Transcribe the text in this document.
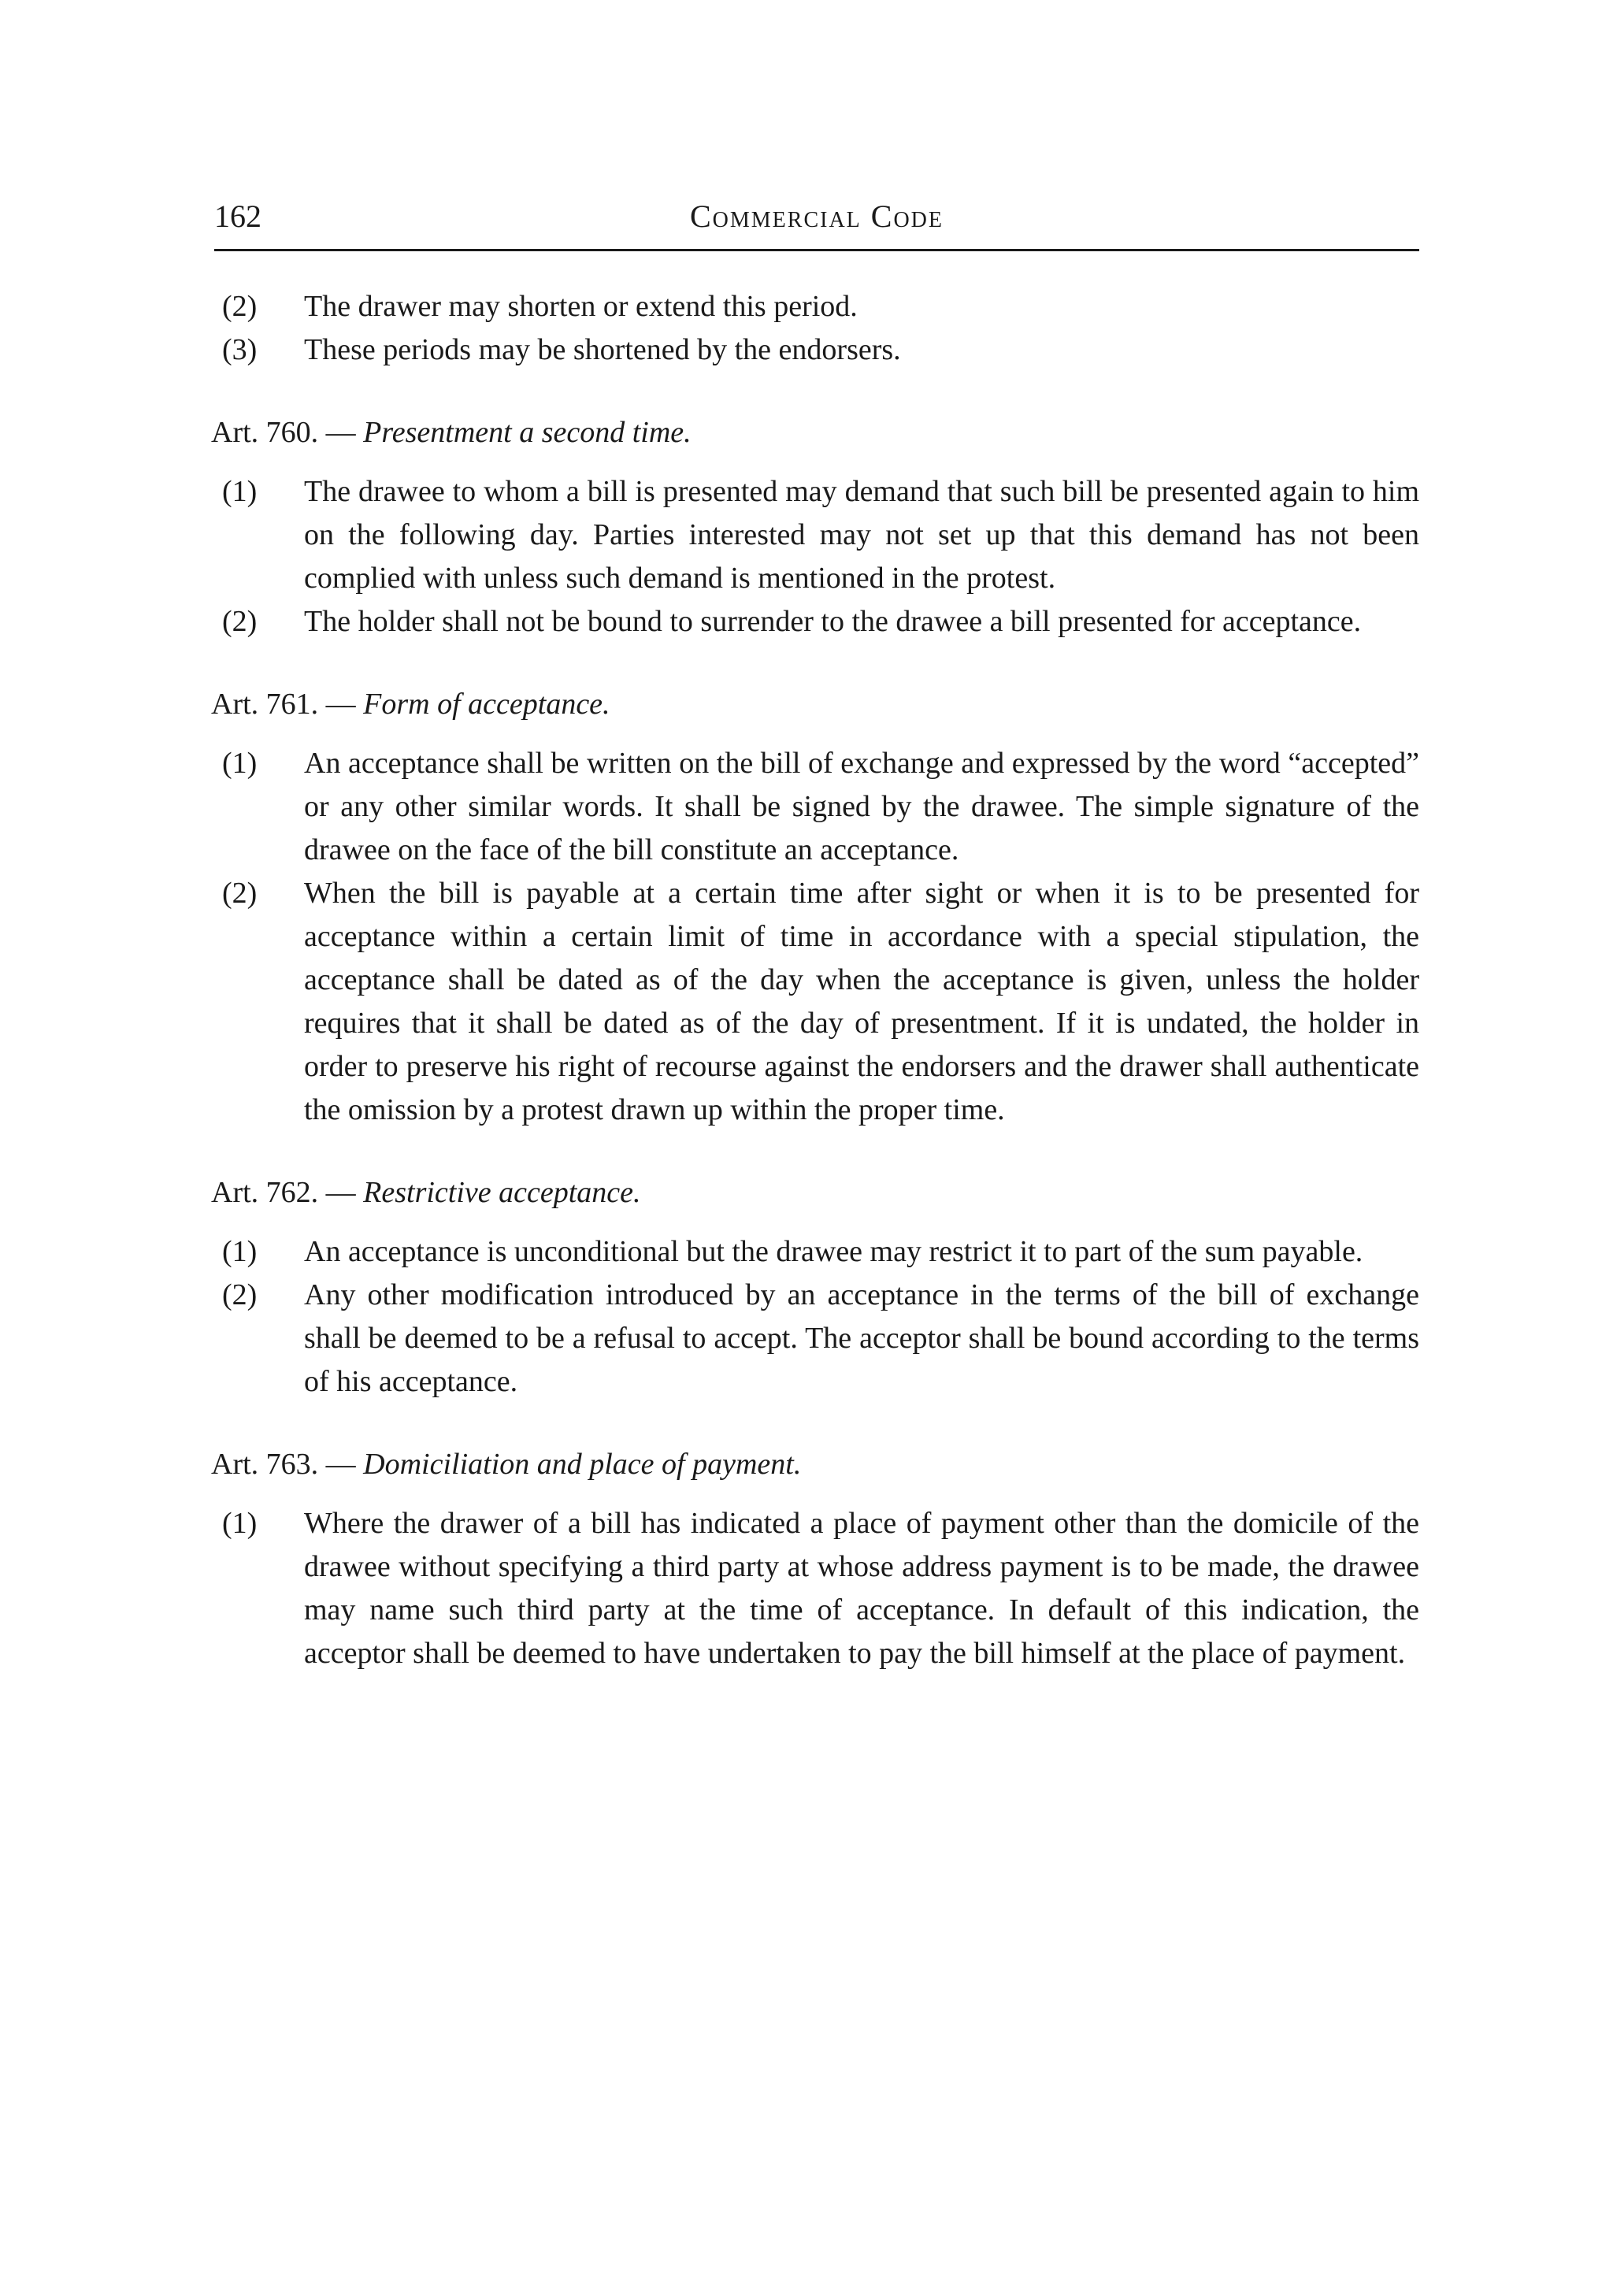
162	Commercial Code
(2)	The drawer may shorten or extend this period.
(3)	These periods may be shortened by the endorsers.
Art. 760. — Presentment a second time.
(1)	The drawee to whom a bill is presented may demand that such bill be presented again to him on the following day. Parties interested may not set up that this demand has not been complied with unless such demand is mentioned in the protest.
(2)	The holder shall not be bound to surrender to the drawee a bill presented for acceptance.
Art. 761. — Form of acceptance.
(1)	An acceptance shall be written on the bill of exchange and expressed by the word “accepted” or any other similar words. It shall be signed by the drawee. The simple signature of the drawee on the face of the bill constitute an acceptance.
(2)	When the bill is payable at a certain time after sight or when it is to be presented for acceptance within a certain limit of time in accordance with a special stipulation, the acceptance shall be dated as of the day when the acceptance is given, unless the holder requires that it shall be dated as of the day of presentment. If it is undated, the holder in order to preserve his right of recourse against the endorsers and the drawer shall authenticate the omission by a protest drawn up within the proper time.
Art. 762. — Restrictive acceptance.
(1)	An acceptance is unconditional but the drawee may restrict it to part of the sum payable.
(2)	Any other modification introduced by an acceptance in the terms of the bill of exchange shall be deemed to be a refusal to accept. The acceptor shall be bound according to the terms of his acceptance.
Art. 763. — Domiciliation and place of payment.
(1)	Where the drawer of a bill has indicated a place of payment other than the domicile of the drawee without specifying a third party at whose address payment is to be made, the drawee may name such third party at the time of acceptance. In default of this indication, the acceptor shall be deemed to have undertaken to pay the bill himself at the place of payment.
